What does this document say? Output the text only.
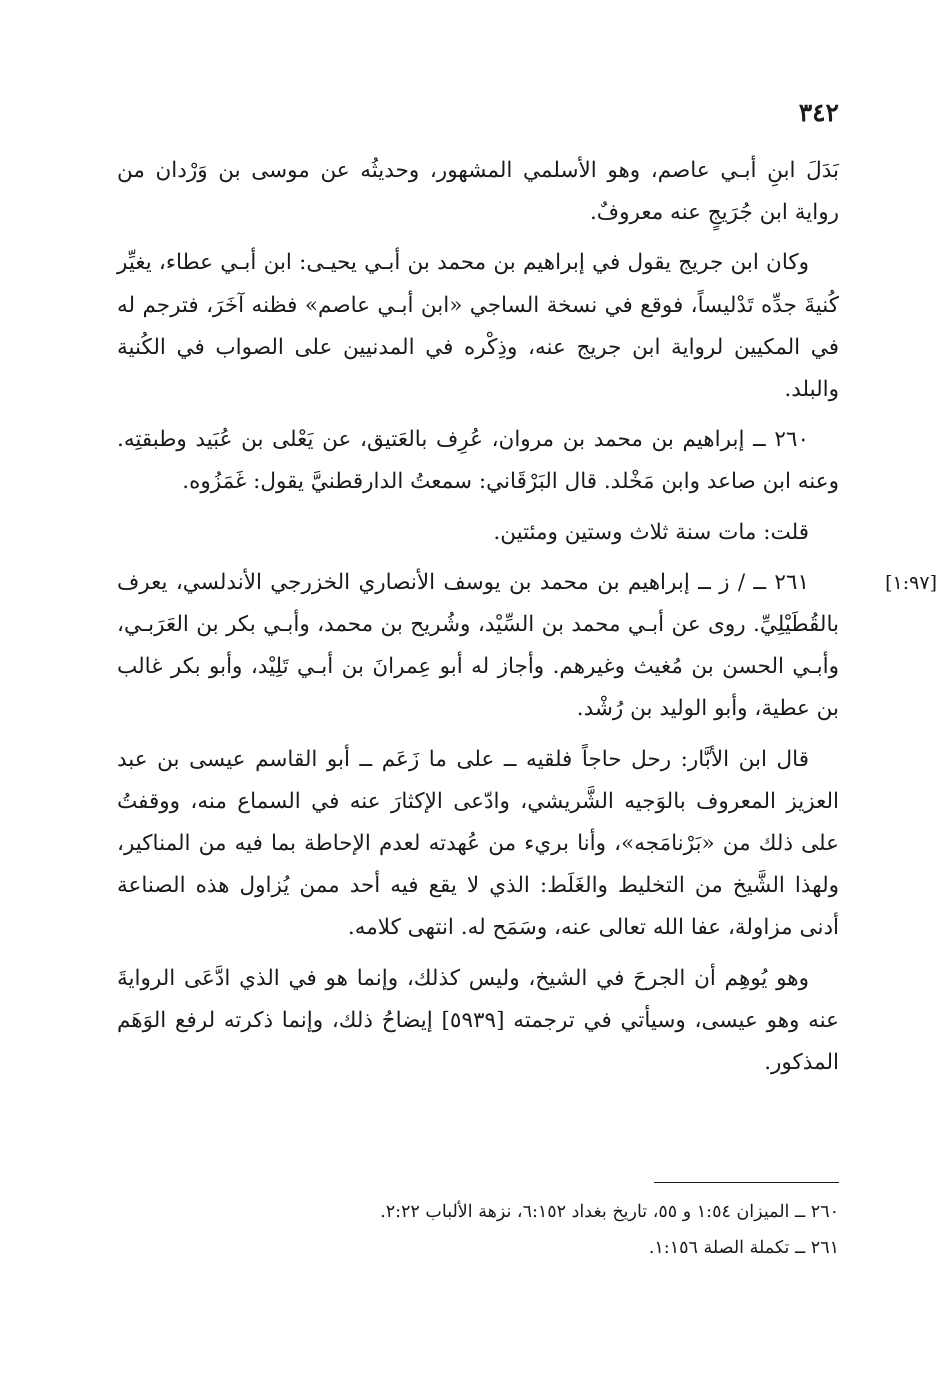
٣٤٢

بَدَلَ ابنِ أبـي عاصم، وهو الأسلمي المشهور، وحديثُه عن موسى بن وَرْدان من رواية ابن جُرَيجٍ عنه معروفٌ.

وكان ابن جريج يقول في إبراهيم بن محمد بن أبـي يحيـى: ابن أبـي عطاء، يغيِّر كُنيةَ جدِّه تَدْليساً، فوقع في نسخة الساجي «ابن أبـي عاصم» فظنه آخَرَ، فترجم له في المكيين لرواية ابن جريج عنه، وذِكْره في المدنيين على الصواب في الكُنية والبلد.

٢٦٠ ــ إبراهيم بن محمد بن مروان، عُرِف بالعَتيق، عن يَعْلى بن عُبَيد وطبقتِه. وعنه ابن صاعد وابن مَخْلد. قال البَرْقَاني: سمعتُ الدارقطنيَّ يقول: غَمَزُوه.

قلت: مات سنة ثلاث وستين ومئتين.

[١:٩٧]

٢٦١ ــ / ز ــ إبراهيم بن محمد بن يوسف الأنصاري الخزرجي الأندلسي، يعرف بالقُطَيْلِيِّ. روى عن أبـي محمد بن السِّيْد، وشُريح بن محمد، وأبـي بكر بن العَرَبـي، وأبـي الحسن بن مُغيث وغيرهم. وأجاز له أبو عِمرانَ بن أبـي تَلِيْد، وأبو بكر غالب بن عطية، وأبو الوليد بن رُشْد.

قال ابن الأبَّار: رحل حاجاً فلقيه ــ على ما زَعَم ــ أبو القاسم عيسى بن عبد العزيز المعروف بالوَجيه الشَّريشي، وادّعى الإكثارَ عنه في السماع منه، ووقفتُ على ذلك من «بَرْنامَجه»، وأنا بريء من عُهدته لعدم الإحاطة بما فيه من المناكير، ولهذا الشَّيخ من التخليط والغَلَط: الذي لا يقع فيه أحد ممن يُزاول هذه الصناعة أدنى مزاولة، عفا الله تعالى عنه، وسَمَح له. انتهى كلامه.

وهو يُوهِم أن الجرحَ في الشيخ، وليس كذلك، وإنما هو في الذي ادَّعَى الروايةَ عنه وهو عيسى، وسيأتي في ترجمته [٥٩٣٩] إيضاحُ ذلك، وإنما ذكرته لرفع الوَهَم المذكور.

٢٦٠ ــ الميزان ١:٥٤ و ٥٥، تاريخ بغداد ٦:١٥٢، نزهة الألباب ٢:٢٢.
٢٦١ ــ تكملة الصلة ١:١٥٦.
